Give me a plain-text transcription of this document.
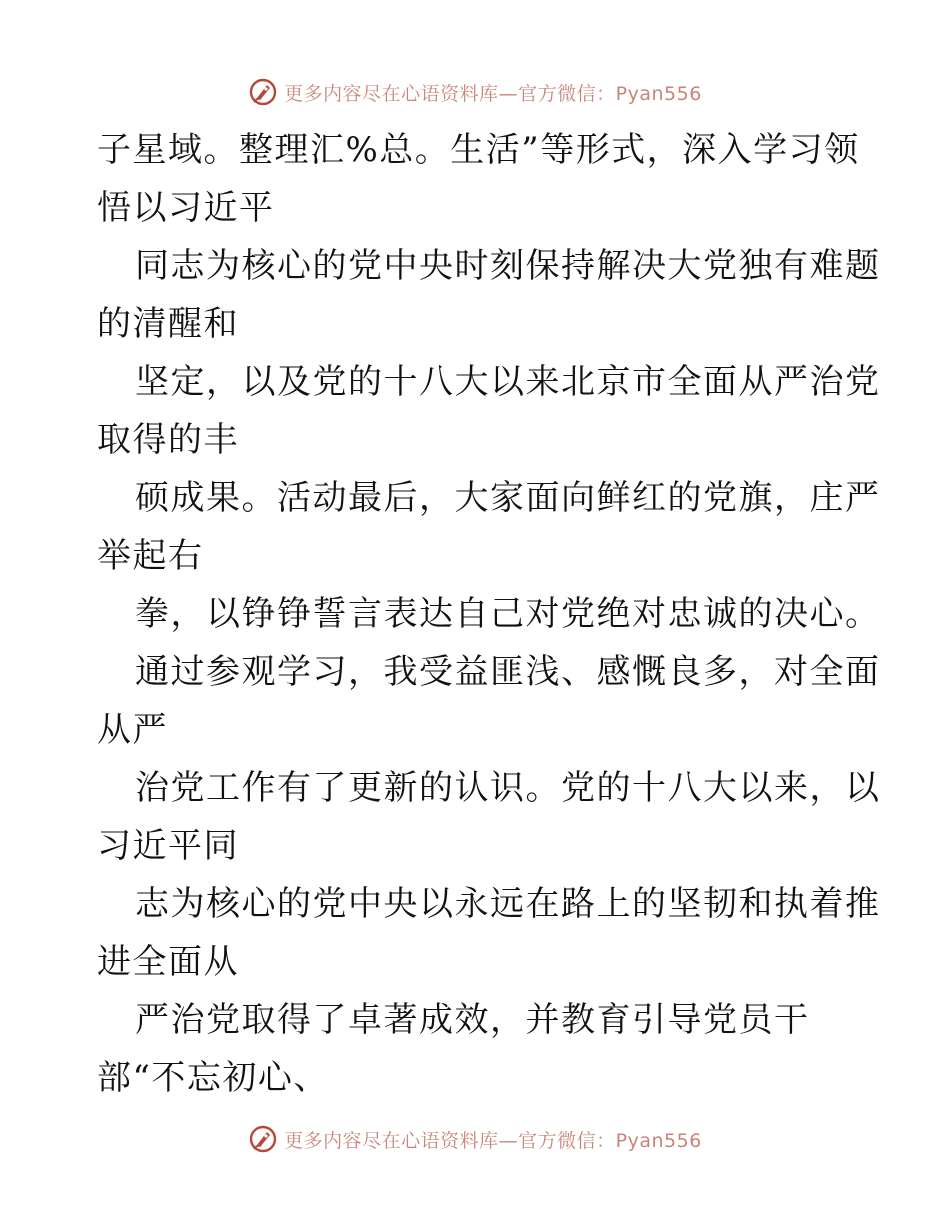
更多内容尽在心语资料库—官方微信：Pyan556
子星域。整理汇%总。生活”等形式，深入学习领
悟以习近平
同志为核心的党中央时刻保持解决大党独有难题
的清醒和
坚定，以及党的十八大以来北京市全面从严治党
取得的丰
硕成果。活动最后，大家面向鲜红的党旗，庄严
举起右
拳，以铮铮誓言表达自己对党绝对忠诚的决心。
通过参观学习，我受益匪浅、感慨良多，对全面
从严
治党工作有了更新的认识。党的十八大以来，以
习近平同
志为核心的党中央以永远在路上的坚韧和执着推
进全面从
严治党取得了卓著成效，并教育引导党员干
部“不忘初心、
更多内容尽在心语资料库—官方微信：Pyan556
